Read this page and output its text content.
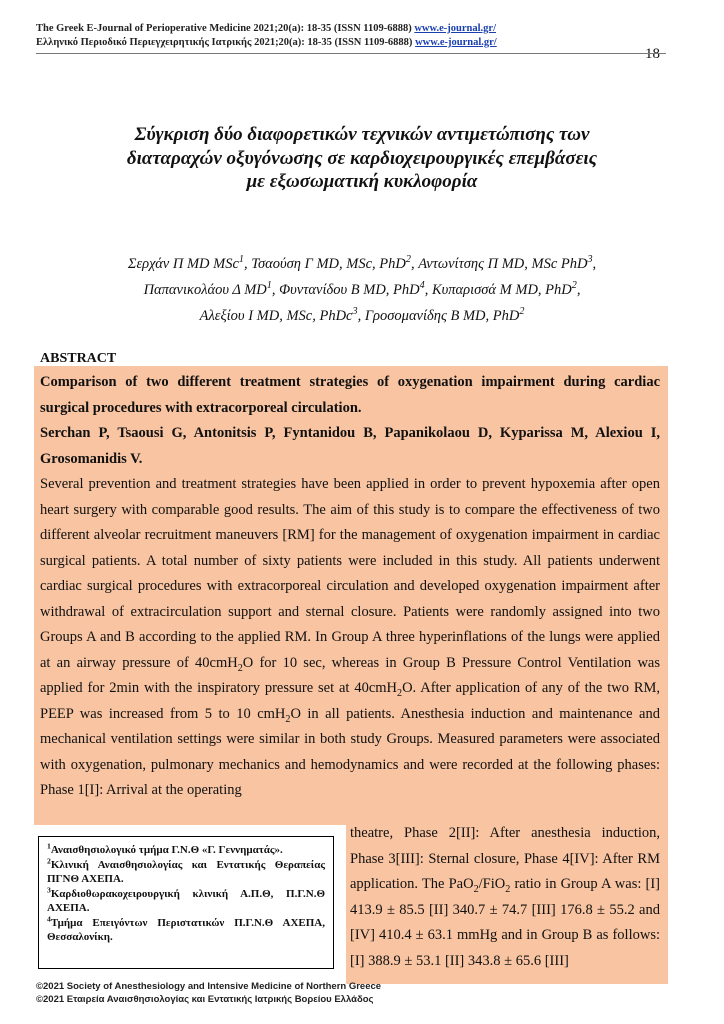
The Greek E-Journal of Perioperative Medicine 2021;20(a): 18-35 (ISSN 1109-6888) www.e-journal.gr/
Ελληνικό Περιοδικό Περιεγχειρητικής Ιατρικής 2021;20(a): 18-35 (ISSN 1109-6888) www.e-journal.gr/
18
Σύγκριση δύο διαφορετικών τεχνικών αντιμετώπισης των
διαταραχών οξυγόνωσης σε καρδιοχειρουργικές επεμβάσεις
με εξωσωματική κυκλοφορία
Σερχάν Π MD MSc$^1$, Τσαούση Γ MD, MSc, PhD$^2$, Αντωνίτσης Π MD, MSc PhD$^3$,
Παπανικολάου Δ $MD^1$, Φυντανίδου Β MD, PhD$^4$, Κυπαρισσά Μ MD, PhD$^2$,
Αλεξίου Ι MD, MSc, PhDc$^3$, Γροσομανίδης Β MD, PhD$^2$
ABSTRACT

Comparison of two different treatment strategies of oxygenation impairment during cardiac surgical procedures with extracorporeal circulation.

Serchan P, Tsaousi G, Antonitsis P, Fyntanidou B, Papanikolaou D, Kyparissa M, Alexiou I, Grosomanidis V.

Several prevention and treatment strategies have been applied in order to prevent hypoxemia after open heart surgery with comparable good results. The aim of this study is to compare the effectiveness of two different alveolar recruitment maneuvers [RM] for the management of oxygenation impairment in cardiac surgical patients. A total number of sixty patients were included in this study. All patients underwent cardiac surgical procedures with extracorporeal circulation and developed oxygenation impairment after withdrawal of extracirculation support and sternal closure. Patients were randomly assigned into two Groups A and B according to the applied RM. In Group A three hyperinflations of the lungs were applied at an airway pressure of 40cmH$_2$O for 10 sec, whereas in Group B Pressure Control Ventilation was applied for 2min with the inspiratory pressure set at 40cmH$_2$O. After application of any of the two RM, PEEP was increased from 5 to 10 cmH$_2$O in all patients. Anesthesia induction and maintenance and mechanical ventilation settings were similar in both study Groups. Measured parameters were associated with oxygenation, pulmonary mechanics and hemodynamics and were recorded at the following phases: Phase 1[I]: Arrival at the operating

theatre, Phase 2[II]: After anesthesia induction, Phase 3[III]: Sternal closure, Phase 4[IV]: After RM application. The PaO$_2$/FiO$_2$ ratio in Group A was: [I] 413.9 ± 85.5 [II] 340.7 ± 74.7 [III] 176.8 ± 55.2 and [IV] 410.4 ± 63.1 mmHg and in Group B as follows: [I] 388.9 ± 53.1 [II] 343.8 ± 65.6 [III]
$^1$Αναισθησιολογικό τμήμα Γ.Ν.Θ «Γ. Γεννηματάς».
$^2$Κλινική Αναισθησιολογίας και Εντατικής Θεραπείας ΠΓΝΘ ΑΧΕΠΑ.
$^3$Καρδιοθωρακοχειρουργική κλινική Α.Π.Θ, Π.Γ.Ν.Θ ΑΧΕΠΑ.
$^4$Τμήμα Επειγόντων Περιστατικών Π.Γ.Ν.Θ ΑΧΕΠΑ, Θεσσαλονίκη.
©2021 Society of Anesthesiology and Intensive Medicine of Northern Greece
©2021 Εταιρεία Αναισθησιολογίας και Εντατικής Ιατρικής Βορείου Ελλάδος
